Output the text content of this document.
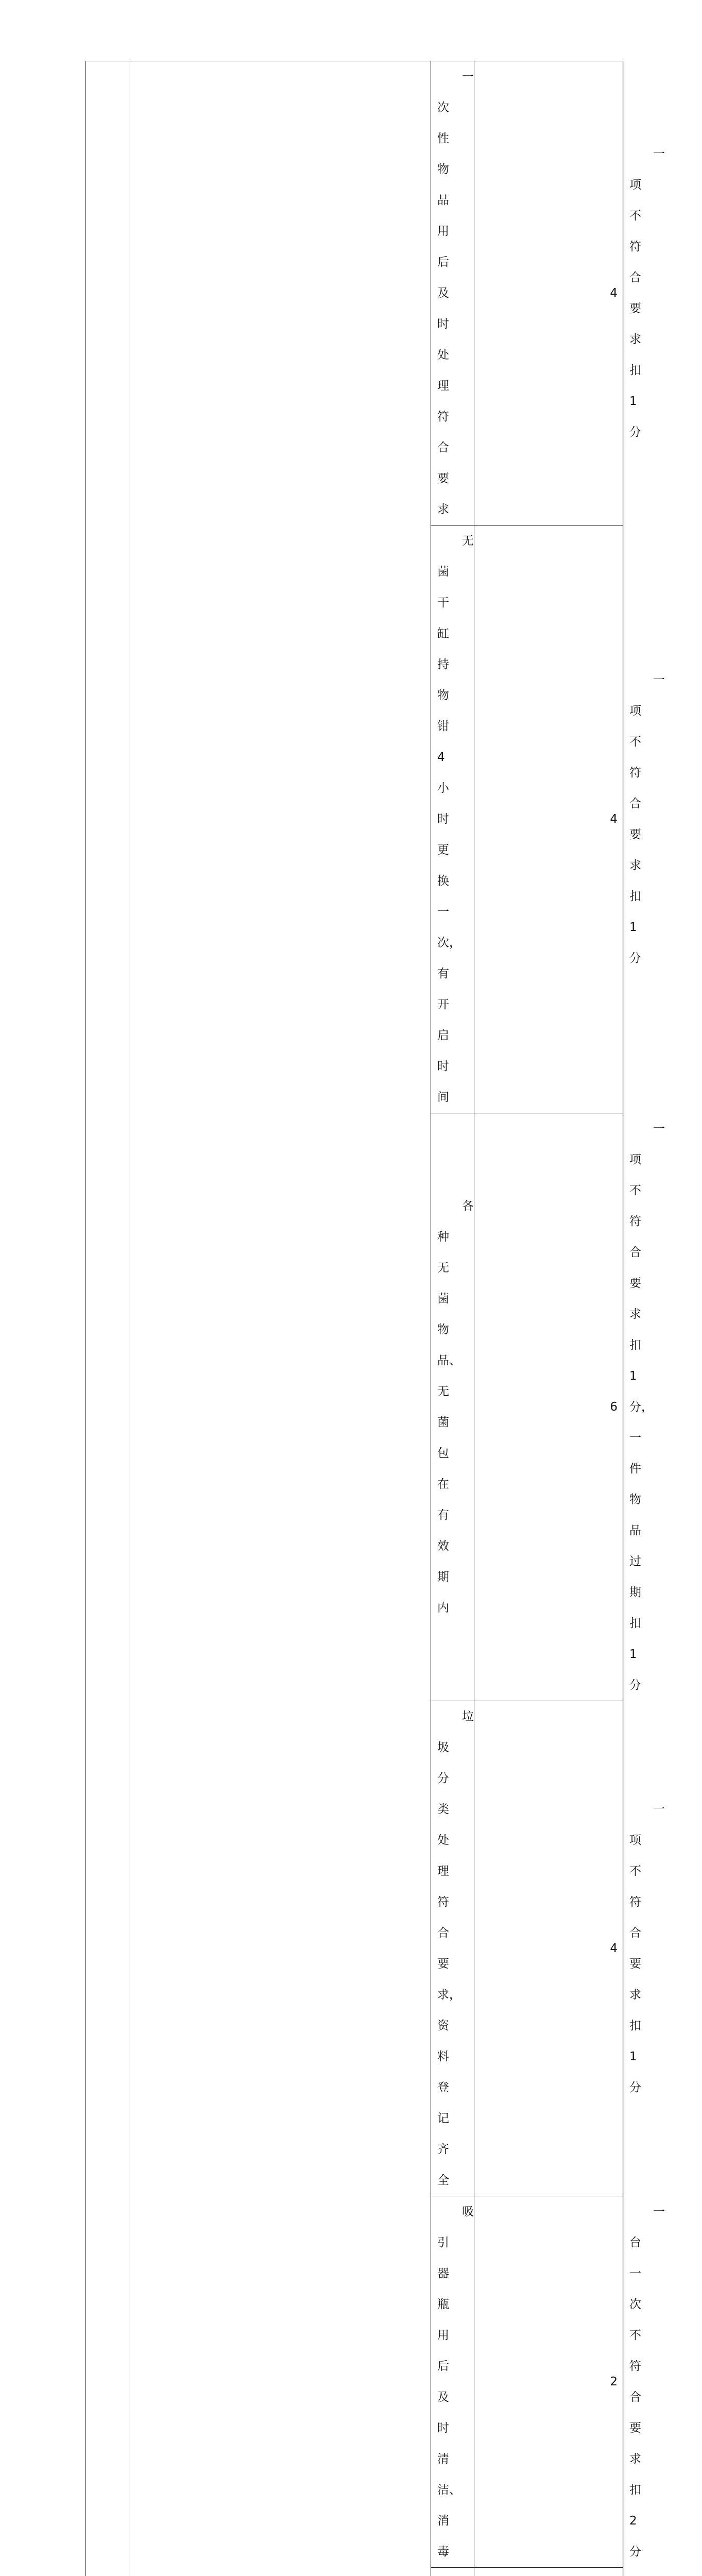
		一次性物品用后及时处理符合要求	4	一项不符合要求扣 1 分

		无菌干缸持物钳 4 小时更换一次，有开启时间	4	一项不符合要求扣 1 分

		各种无菌物品、无菌包在有效期内	6	一项不符合要求扣 1 分，一件物品过期扣 1 分

		垃圾分类处理符合要求，资料登记齐全	4	一项不符合要求扣 1 分

		吸引器瓶用后及时清洁、消毒	2	一台一次不符合要求扣 2 分
